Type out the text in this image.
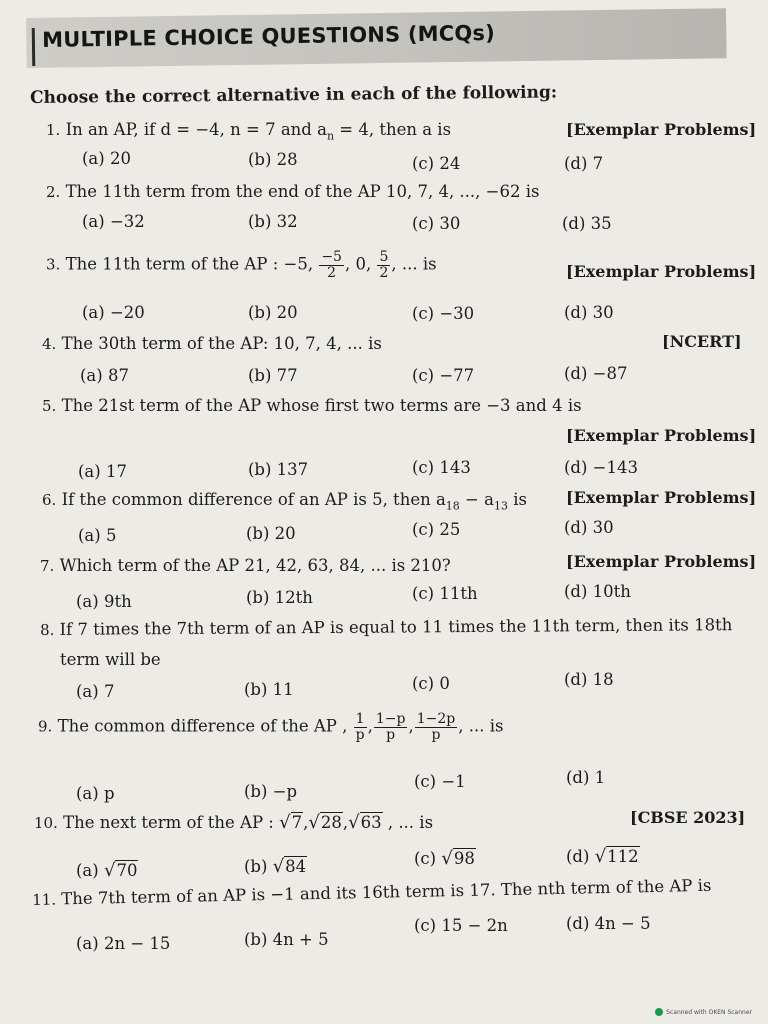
MULTIPLE CHOICE QUESTIONS (MCQs)
Choose the correct alternative in each of the following:
1. In an AP, if d = −4, n = 7 and $a_n = 4$, then a is	[Exemplar Problems]
(a) 20	(b) 28	(c) 24	(d) 7
2. The 11th term from the end of the AP 10, 7, 4, ..., −62 is
(a) −32	(b) 32	(c) 30	(d) 35
3. The 11th term of the AP : −5, $\frac{-5}{2}$ , 0, $\frac{5}{2}$ , ... is	[Exemplar Problems]
(a) −20	(b) 20	(c) −30	(d) 30
4. The 30th term of the AP: 10, 7, 4, ... is	[NCERT]
(a) 87	(b) 77	(c) −77	(d) −87
5. The 21st term of the AP whose first two terms are −3 and 4 is
[Exemplar Problems]
(a) 17	(b) 137	(c) 143	(d) −143
6. If the common difference of an AP is 5, then $a_{18} - a_{13}$ is [Exemplar Problems]
(a) 5	(b) 20	(c) 25	(d) 30
7. Which term of the AP 21, 42, 63, 84, ... is 210?	[Exemplar Problems]
(a) 9th	(b) 12th	(c) 11th	(d) 10th
8. If 7 times the 7th term of an AP is equal to 11 times the 11th term, then its 18th
term will be
(a) 7	(b) 11	(c) 0	(d) 18
9. The common difference of the AP , $\frac{1}{p}$ , $\frac{1-p}{p}$ , $\frac{1-2p}{p}$ , ... is
(a) p	(b) −p
(c) −1	(d) 1
10. The next term of the AP : √7,√28,√63 , ... is	[CBSE 2023]
(a) √70	(b) √84	(c) √98	(d) √112
11. The 7th term of an AP is −1 and its 16th term is 17. The nth term of the AP is
(a) 2n − 15	(b) 4n + 5
(c) 15 − 2n	(d) 4n − 5
Scanned with OKEN Scanner
